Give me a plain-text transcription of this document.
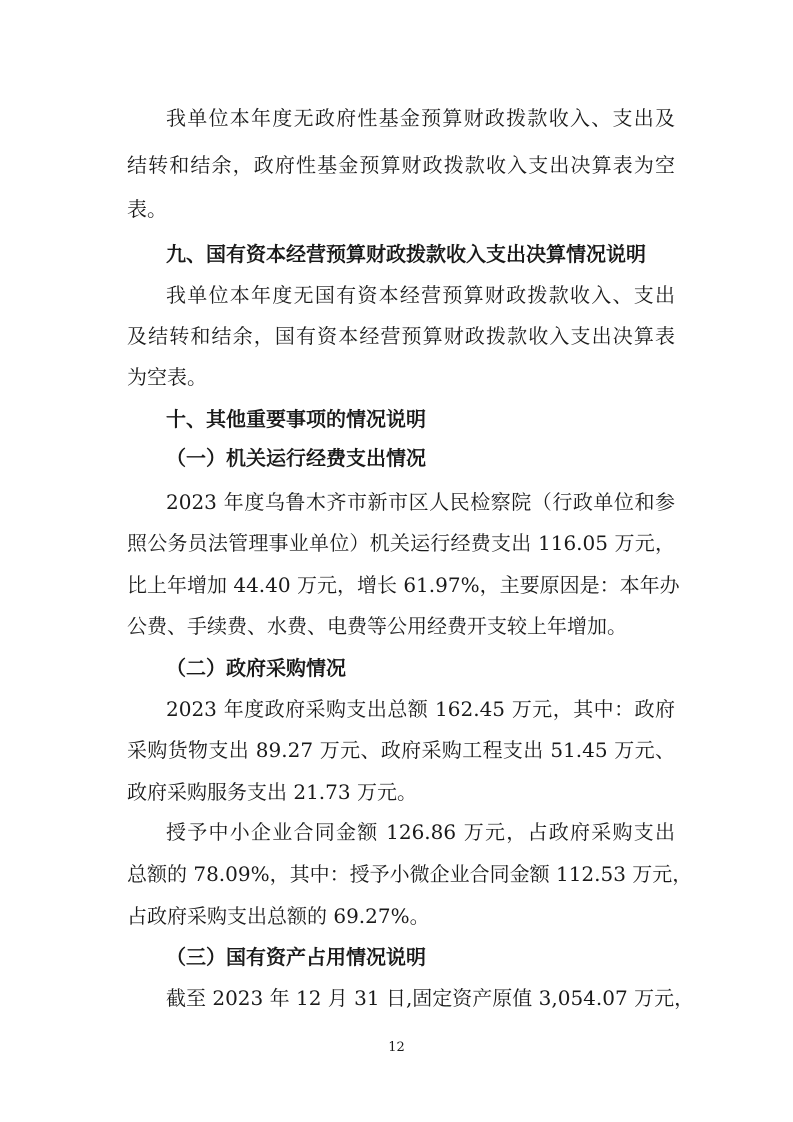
我单位本年度无政府性基金预算财政拨款收入、支出及
结转和结余，政府性基金预算财政拨款收入支出决算表为空
表。
九、国有资本经营预算财政拨款收入支出决算情况说明
我单位本年度无国有资本经营预算财政拨款收入、支出
及结转和结余，国有资本经营预算财政拨款收入支出决算表
为空表。
十、其他重要事项的情况说明
（一）机关运行经费支出情况
2023 年度乌鲁木齐市新市区人民检察院（行政单位和参
照公务员法管理事业单位）机关运行经费支出 116.05 万元，
比上年增加 44.40 万元，增长 61.97%，主要原因是：本年办
公费、手续费、水费、电费等公用经费开支较上年增加。
（二）政府采购情况
2023 年度政府采购支出总额 162.45 万元，其中：政府
采购货物支出 89.27 万元、政府采购工程支出 51.45 万元、
政府采购服务支出 21.73 万元。
授予中小企业合同金额 126.86 万元，占政府采购支出
总额的 78.09%，其中：授予小微企业合同金额 112.53 万元，
占政府采购支出总额的 69.27%。
（三）国有资产占用情况说明
截至 2023 年 12 月 31 日,固定资产原值 3,054.07 万元，
12
